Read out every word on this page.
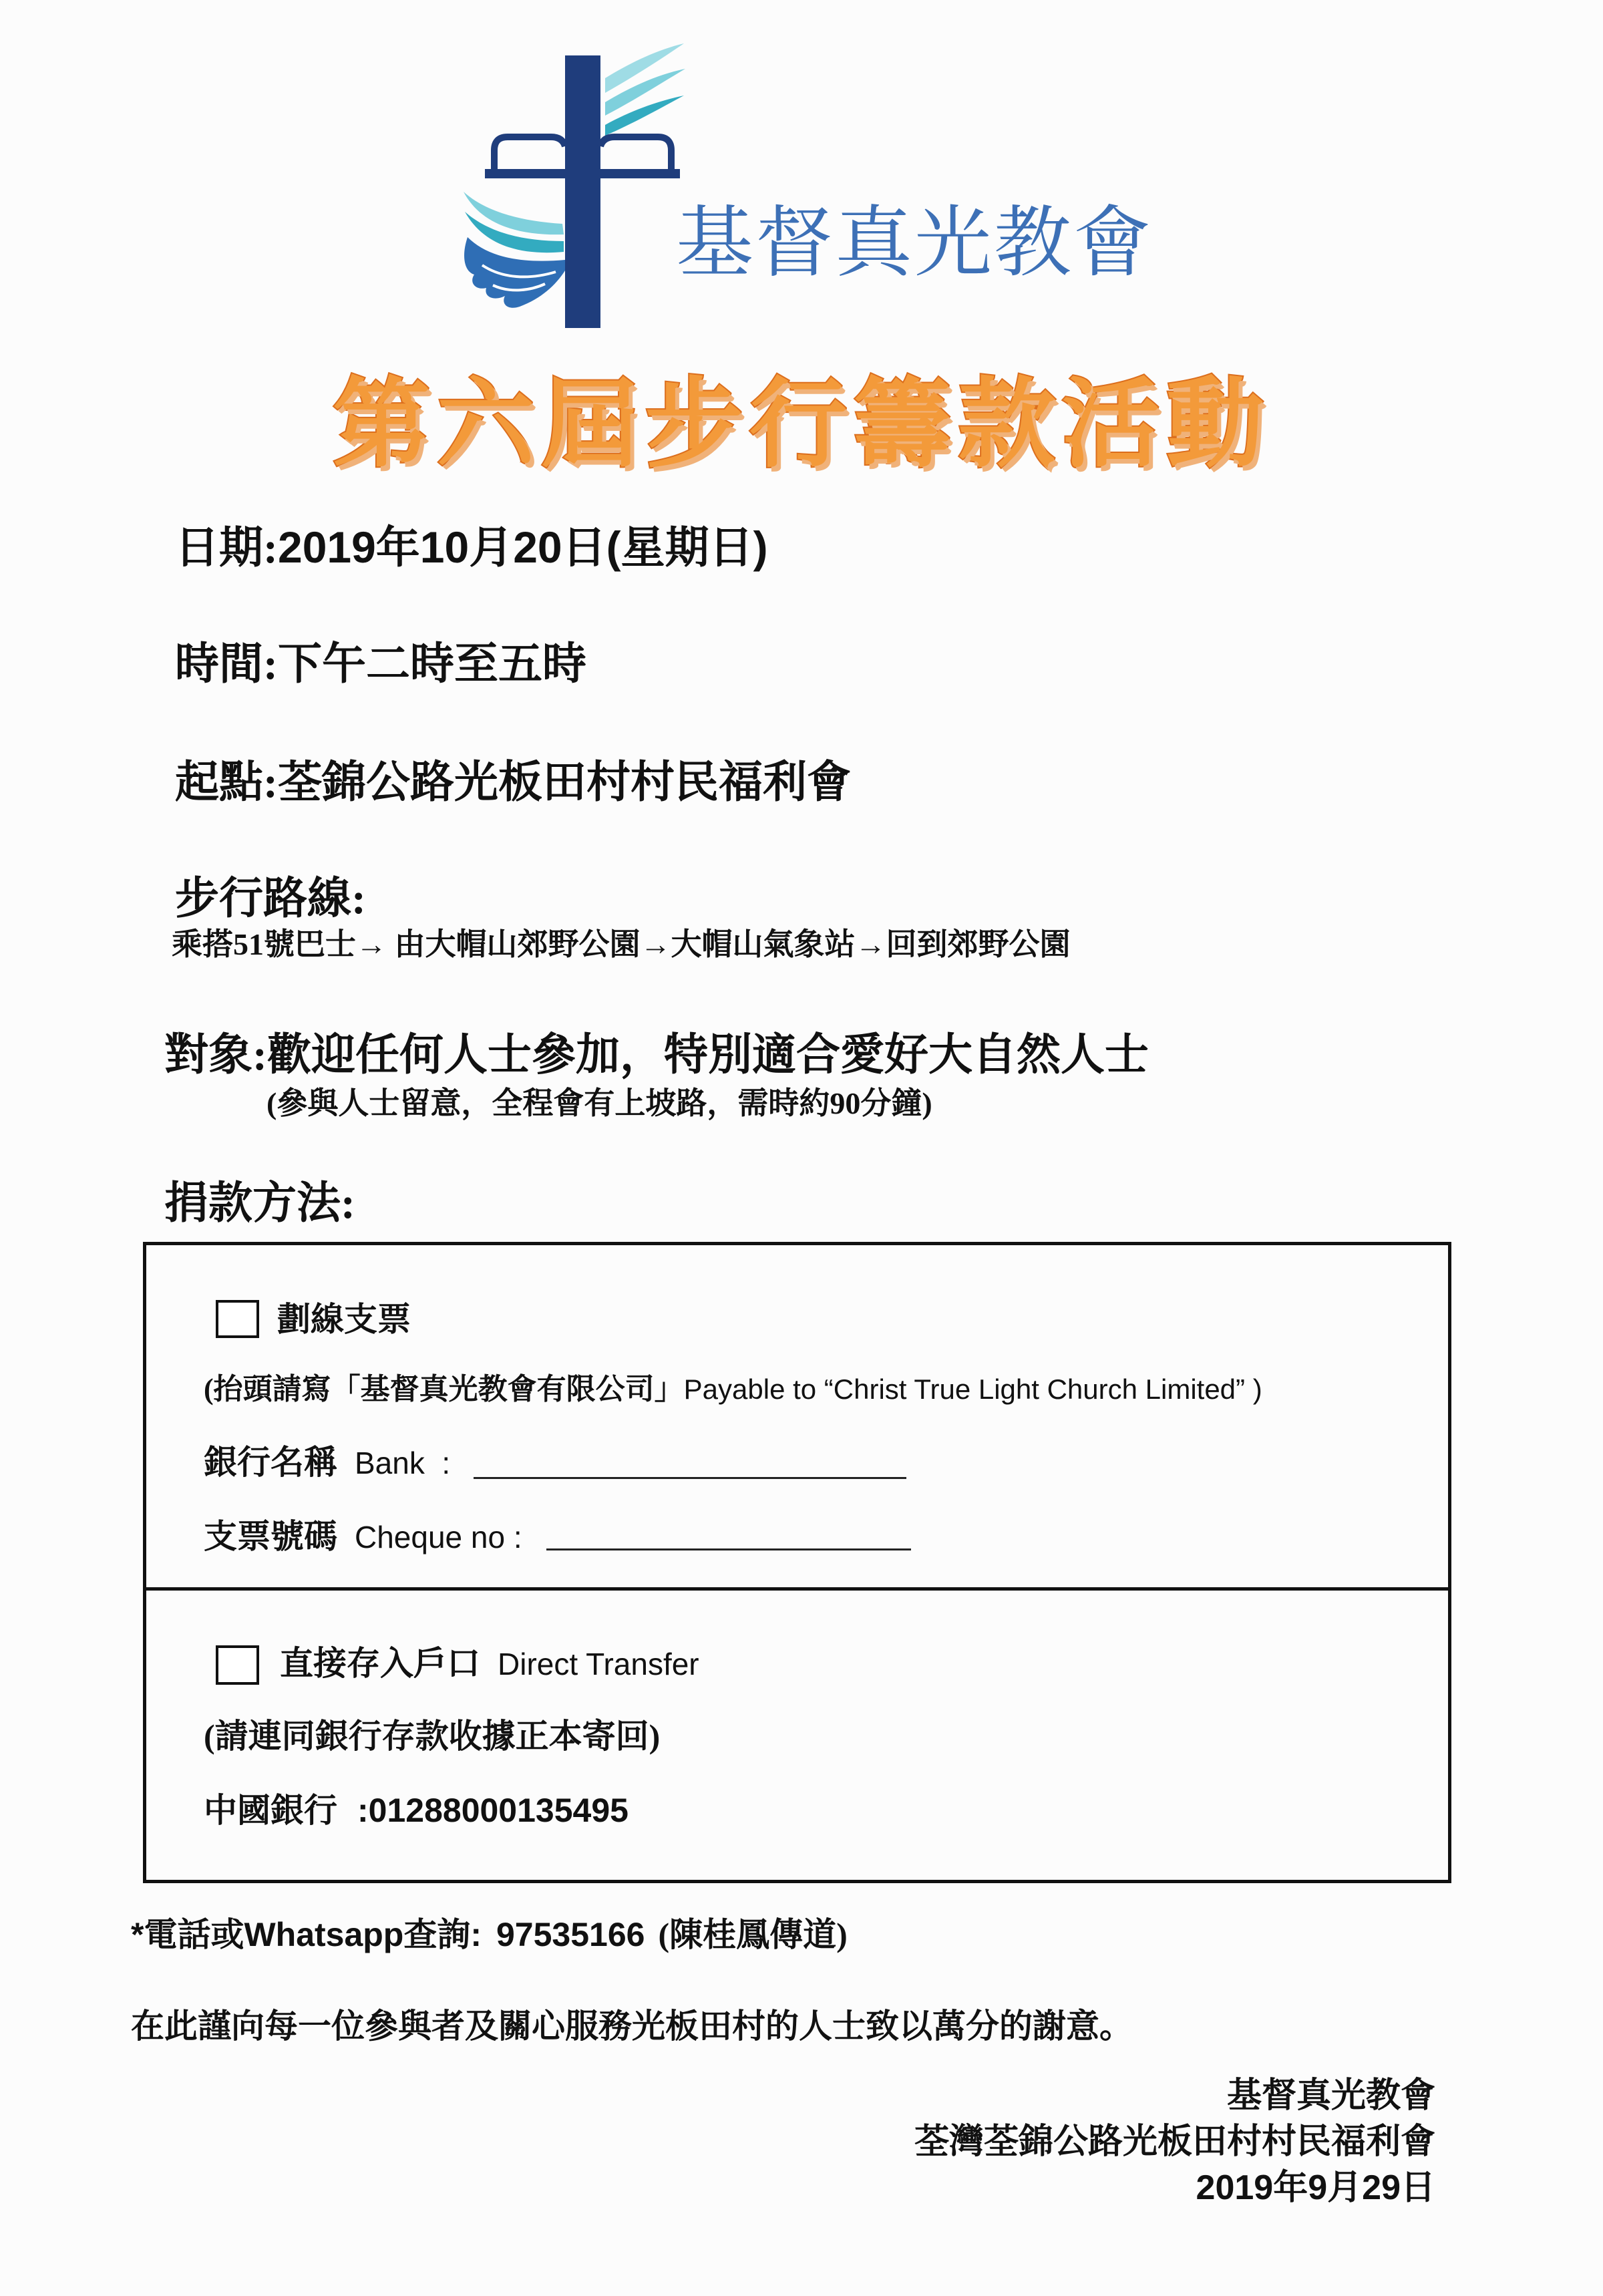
基督真光教會
第六屆步行籌款活動
日期:2019年10月20日(星期日)
時間:下午二時至五時
起點:荃錦公路光板田村村民福利會
步行路線:
乘搭51號巴士→ 由大帽山郊野公園→大帽山氣象站→回到郊野公園
對象:歡迎任何人士參加，特別適合愛好大自然人士
(參與人士留意，全程會有上坡路，需時約90分鐘)
捐款方法:
劃線支票
(抬頭請寫「基督真光教會有限公司」Payable to “Christ True Light Church Limited” )
銀行名稱 Bank  :
支票號碼 Cheque no :
直接存入戶口 Direct Transfer
(請連同銀行存款收據正本寄回)
中國銀行 :01288000135495
*電話或Whatsapp查詢: 97535166 (陳桂鳳傳道)
在此謹向每一位參與者及關心服務光板田村的人士致以萬分的謝意。
基督真光教會
荃灣荃錦公路光板田村村民福利會
2019年9月29日
